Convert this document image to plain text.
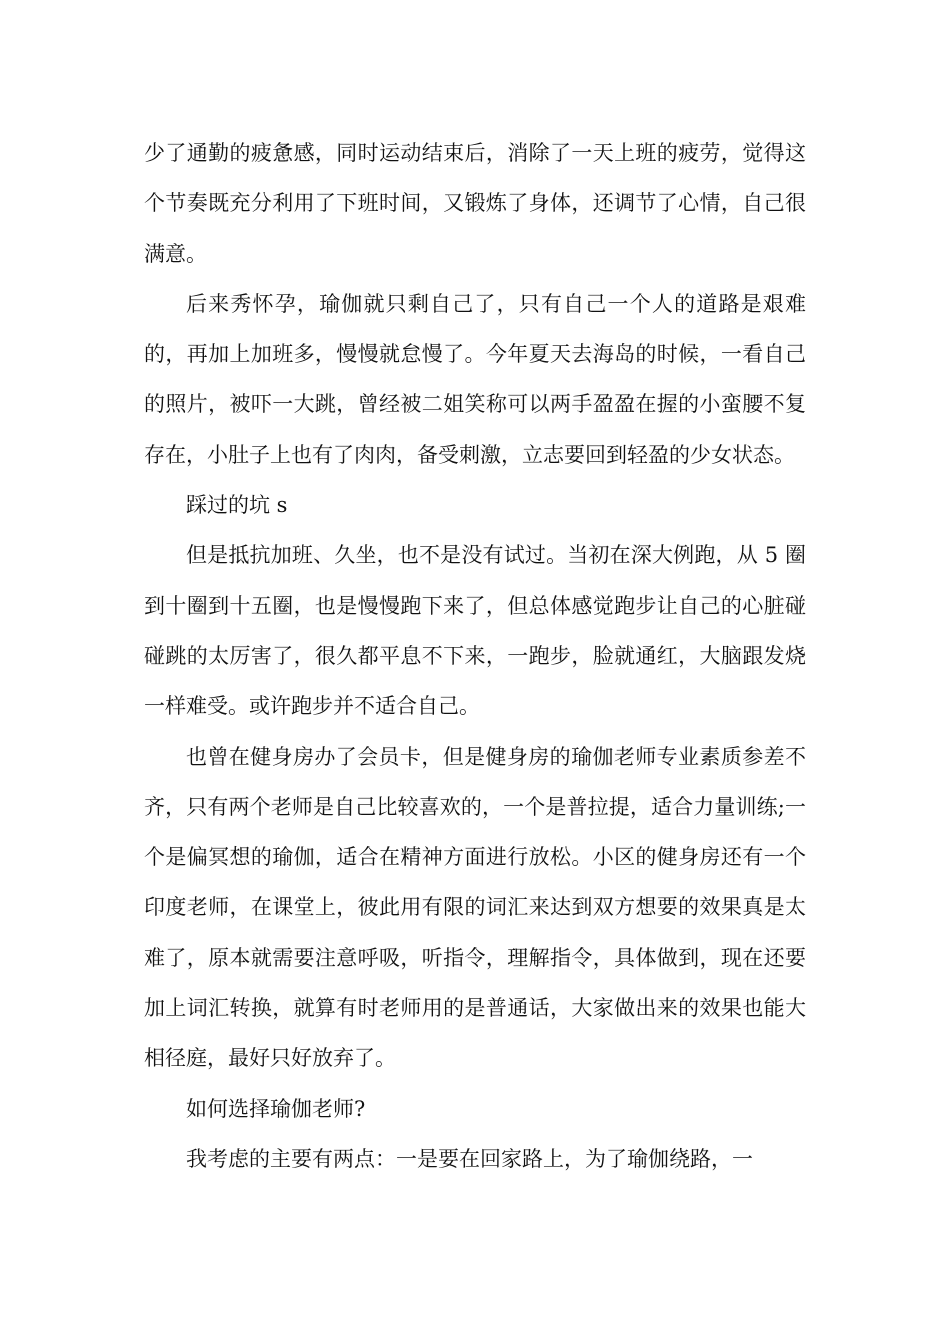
少了通勤的疲惫感，同时运动结束后，消除了一天上班的疲劳，觉得这个节奏既充分利用了下班时间，又锻炼了身体，还调节了心情，自己很满意。

后来秀怀孕，瑜伽就只剩自己了，只有自己一个人的道路是艰难的，再加上加班多，慢慢就怠慢了。今年夏天去海岛的时候，一看自己的照片，被吓一大跳，曾经被二姐笑称可以两手盈盈在握的小蛮腰不复存在，小肚子上也有了肉肉，备受刺激，立志要回到轻盈的少女状态。

踩过的坑 s

但是抵抗加班、久坐，也不是没有试过。当初在深大例跑，从 5 圈到十圈到十五圈，也是慢慢跑下来了，但总体感觉跑步让自己的心脏碰碰跳的太厉害了，很久都平息不下来，一跑步，脸就通红，大脑跟发烧一样难受。或许跑步并不适合自己。

也曾在健身房办了会员卡，但是健身房的瑜伽老师专业素质参差不齐，只有两个老师是自己比较喜欢的，一个是普拉提，适合力量训练;一个是偏冥想的瑜伽，适合在精神方面进行放松。小区的健身房还有一个印度老师，在课堂上，彼此用有限的词汇来达到双方想要的效果真是太难了，原本就需要注意呼吸，听指令，理解指令，具体做到，现在还要加上词汇转换，就算有时老师用的是普通话，大家做出来的效果也能大相径庭，最好只好放弃了。

如何选择瑜伽老师?

我考虑的主要有两点：一是要在回家路上，为了瑜伽绕路，一
